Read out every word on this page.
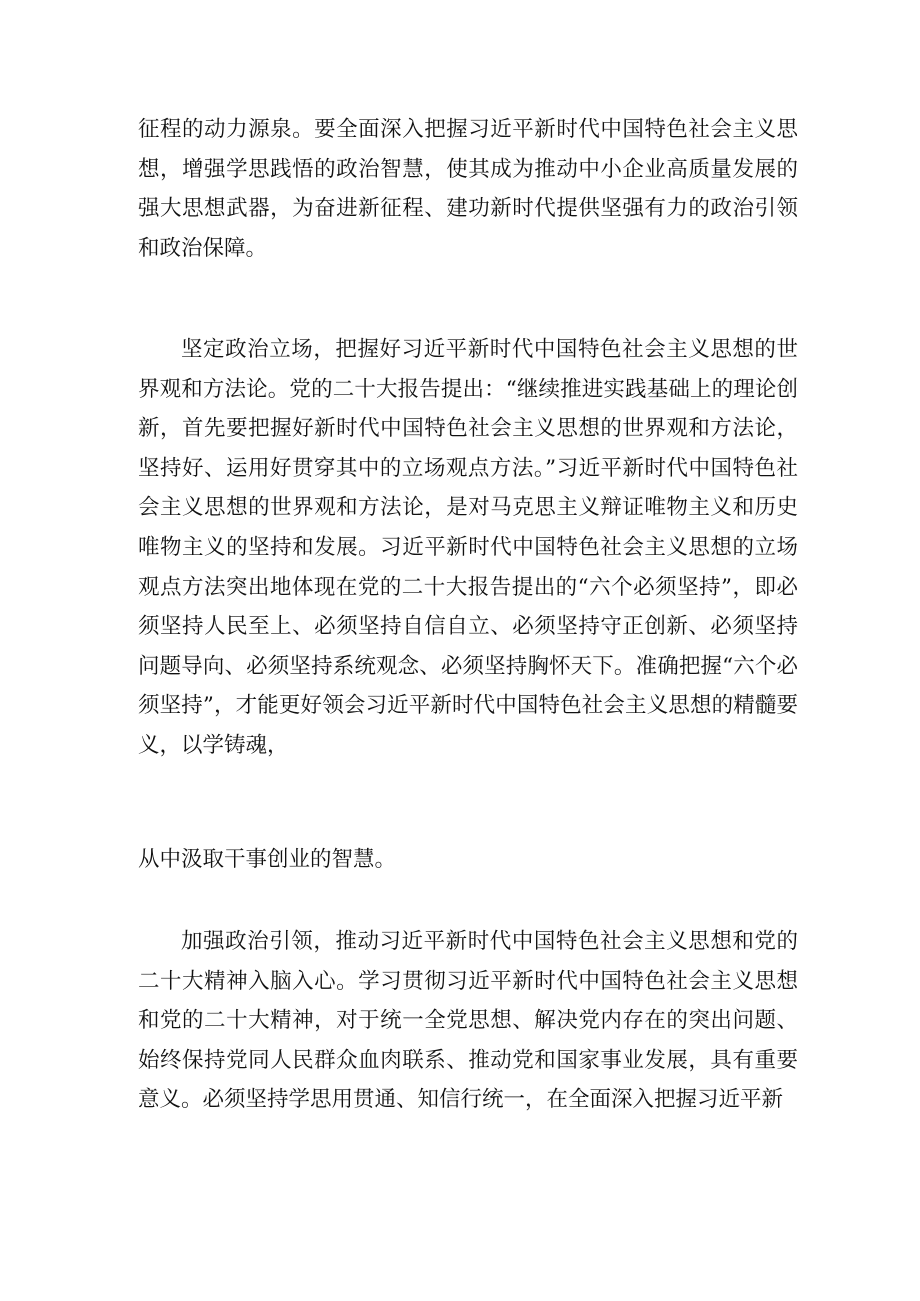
征程的动力源泉。要全面深入把握习近平新时代中国特色社会主义思想，增强学思践悟的政治智慧，使其成为推动中小企业高质量发展的强大思想武器，为奋进新征程、建功新时代提供坚强有力的政治引领和政治保障。

坚定政治立场，把握好习近平新时代中国特色社会主义思想的世界观和方法论。党的二十大报告提出：“继续推进实践基础上的理论创新，首先要把握好新时代中国特色社会主义思想的世界观和方法论，坚持好、运用好贯穿其中的立场观点方法。”习近平新时代中国特色社会主义思想的世界观和方法论，是对马克思主义辩证唯物主义和历史唯物主义的坚持和发展。习近平新时代中国特色社会主义思想的立场观点方法突出地体现在党的二十大报告提出的“六个必须坚持”，即必须坚持人民至上、必须坚持自信自立、必须坚持守正创新、必须坚持问题导向、必须坚持系统观念、必须坚持胸怀天下。准确把握“六个必须坚持”，才能更好领会习近平新时代中国特色社会主义思想的精髓要义，以学铸魂，

从中汲取干事创业的智慧。

加强政治引领，推动习近平新时代中国特色社会主义思想和党的二十大精神入脑入心。学习贯彻习近平新时代中国特色社会主义思想和党的二十大精神，对于统一全党思想、解决党内存在的突出问题、始终保持党同人民群众血肉联系、推动党和国家事业发展，具有重要意义。必须坚持学思用贯通、知信行统一，在全面深入把握习近平新
